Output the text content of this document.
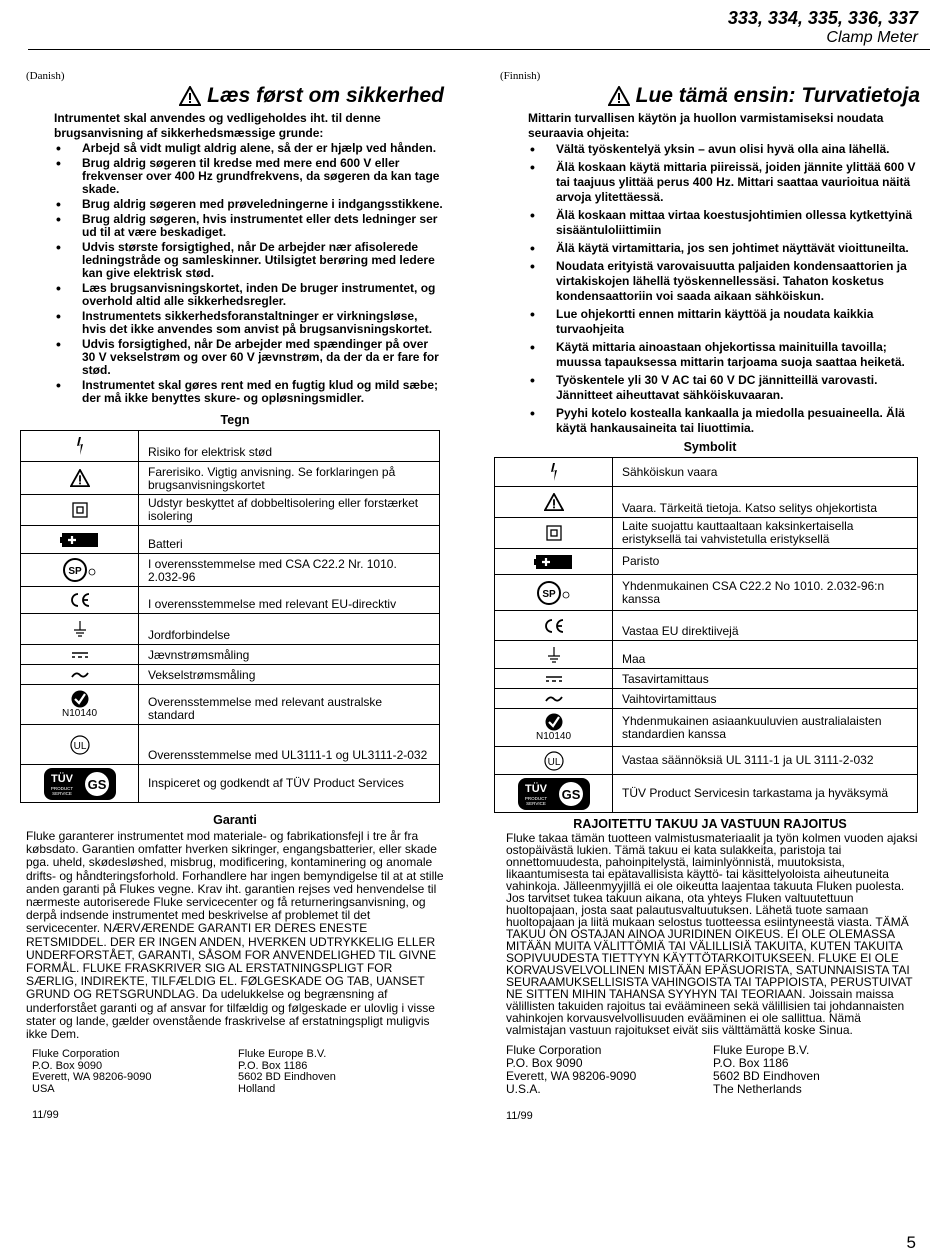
333, 334, 335, 336, 337
Clamp Meter
(Danish)
Læs først om sikkerhed
Intrumentet skal anvendes og vedligeholdes iht. til denne brugsanvisning af sikkerhedsmæssige grunde:
• Arbejd så vidt muligt aldrig alene, så der er hjælp ved hånden.
• Brug aldrig søgeren til kredse med mere end 600 V eller frekvenser over 400 Hz grundfrekvens, da søgeren da kan tage skade.
• Brug aldrig søgeren med prøveledningerne i indgangsstikkene.
• Brug aldrig søgeren, hvis instrumentet eller dets ledninger ser ud til at være beskadiget.
• Udvis største forsigtighed, når De arbejder nær afisolerede ledningstråde og samleskinner. Utilsigtet berøring med ledere kan give elektrisk stød.
• Læs brugsanvisningskortet, inden De bruger instrumentet, og overhold altid alle sikkerhedsregler.
• Instrumentets sikkerhedsforanstaltninger er virkningsløse, hvis det ikke anvendes som anvist på brugsanvisningskortet.
• Udvis forsigtighed, når De arbejder med spændinger på over 30 V vekselstrøm og over 60 V jævnstrøm, da der da er fare for stød.
• Instrumentet skal gøres rent med en fugtig klud og mild sæbe; der må ikke benyttes skure- og opløsningsmidler.
Tegn
	Risiko for elektrisk stød

	Farerisiko. Vigtig anvisning. Se forklaringen på brugsanvisningskortet

	Udstyr beskyttet af dobbeltisolering eller forstærket isolering

	Batteri

SP	I overensstemmelse med CSA C22.2 Nr. 1010. 2.032-96

	I overensstemmelse med relevant EU-direcktiv

	Jordforbindelse

	Jævnstrømsmåling

	Vekselstrømsmåling

N10140	Overensstemmelse med relevant australske standard

UL	Overensstemmelse med UL3111-1 og UL3111-2-032

TÜV
PRODUCT
SERVICE
GS	Inspiceret og godkendt af TÜV Product Services
Garanti
Fluke garanterer instrumentet mod materiale- og fabrikationsfejl i tre år fra købsdato. Garantien omfatter hverken sikringer, engangsbatterier, eller skade pga. uheld, skødesløshed, misbrug, modificering, kontaminering og anomale drifts- og håndteringsforhold. Forhandlere har ingen bemyndigelse til at at stille anden garanti på Flukes vegne. Krav iht. garantien rejses ved henvendelse til nærmeste autoriserede Fluke servicecenter og få returneringsanvisning, og derpå indsende instrumentet med beskrivelse af problemet til det servicecenter. NÆRVÆRENDE GARANTI ER DERES ENESTE RETSMIDDEL. DER ER INGEN ANDEN, HVERKEN UDTRYKKELIG ELLER UNDERFORSTÅET, GARANTI, SÅSOM FOR ANVENDELIGHED TIL GIVNE FORMÅL. FLUKE FRASKRIVER SIG AL ERSTATNINGSPLIGT FOR SÆRLIG, INDIREKTE, TILFÆLDIG EL. FØLGESKADE OG TAB, UANSET GRUND OG RETSGRUNDLAG. Da udelukkelse og begrænsning af underforstået garanti og af ansvar for tilfældig og følgeskade er ulovlig i visse stater og lande, gælder ovenstående fraskrivelse af erstatningspligt muligvis ikke Dem.
Fluke Corporation
P.O. Box 9090
Everett, WA 98206-9090
USA
Fluke Europe B.V.
P.O. Box 1186
5602 BD Eindhoven
Holland
11/99
(Finnish)
Lue tämä ensin: Turvatietoja
Mittarin turvallisen käytön ja huollon varmistamiseksi noudata seuraavia ohjeita:
• Vältä työskentelyä yksin – avun olisi hyvä olla aina lähellä.
• Älä koskaan käytä mittaria piireissä, joiden jännite ylittää 600 V tai taajuus ylittää perus 400 Hz. Mittari saattaa vaurioitua näitä arvoja ylitettäessä.
• Älä koskaan mittaa virtaa koestusjohtimien ollessa kytkettyinä sisääntuloliittimiin
• Älä käytä virtamittaria, jos sen johtimet näyttävät vioittuneilta.
• Noudata erityistä varovaisuutta paljaiden kondensaattorien ja virtakiskojen lähellä työskennellessäsi. Tahaton kosketus kondensaattoriin voi saada aikaan sähköiskun.
• Lue ohjekortti ennen mittarin käyttöä ja noudata kaikkia turvaohjeita
• Käytä mittaria ainoastaan ohjekortissa mainituilla tavoilla; muussa tapauksessa mittarin tarjoama suoja saattaa heiketä.
• Työskentele yli 30 V AC tai 60 V DC jännitteillä varovasti. Jännitteet aiheuttavat sähköiskuvaaran.
• Pyyhi kotelo kostealla kankaalla ja miedolla pesuaineella. Älä käytä hankausaineita tai liuottimia.
Symbolit
	Sähköiskun vaara

	Vaara. Tärkeitä tietoja. Katso selitys ohjekortista

	Laite suojattu kauttaaltaan kaksinkertaisella eristyksellä tai vahvistetulla eristyksellä

	Paristo

SP	Yhdenmukainen CSA C22.2 No 1010. 2.032-96:n kanssa

	Vastaa EU direktiivejä

	Maa

	Tasavirtamittaus

	Vaihtovirtamittaus

N10140	Yhdenmukainen asiaankuuluvien australialaisten standardien kanssa

UL	Vastaa säännöksiä UL 3111-1 ja UL 3111-2-032

TÜV
PRODUCT
SERVICE
GS	TÜV Product Servicesin tarkastama ja hyväksymä
RAJOITETTU TAKUU JA VASTUUN RAJOITUS
Fluke takaa tämän tuotteen valmistusmateriaalit ja työn kolmen vuoden ajaksi ostopäivästä lukien. Tämä takuu ei kata sulakkeita, paristoja tai onnettomuudesta, pahoinpitelystä, laiminlyönnistä, muutoksista, likaantumisesta tai epätavallisista käyttö- tai käsittelyoloista aiheutuneita vahinkoja. Jälleenmyyjillä ei ole oikeutta laajentaa takuuta Fluken puolesta. Jos tarvitset tukea takuun aikana, ota yhteys Fluken valtuutettuun huoltopajaan, josta saat palautusvaltuutuksen. Lähetä tuote samaan huoltopajaan ja liitä mukaan selostus tuotteessa esiintyneestä viasta. TÄMÄ TAKUU ON OSTAJAN AINOA JURIDINEN OIKEUS. EI OLE OLEMASSA MITÄÄN MUITA VÄLITTÖMIÄ TAI VÄLILLISIÄ TAKUITA, KUTEN TAKUITA SOPIVUUDESTA TIETTYYN KÄYTTÖTARKOITUKSEEN. FLUKE EI OLE KORVAUSVELVOLLINEN MISTÄÄN EPÄSUORISTA, SATUNNAISISTA TAI SEURAAMUKSELLISISTA VAHINGOISTA TAI TAPPIOISTA, PERUSTUIVAT NE SITTEN MIHIN TAHANSA SYYHYN TAI TEORIAAN. Joissain maissa välillisten takuiden rajoitus tai eväämineen sekä välillisien tai johdannaisten vahinkojen korvausvelvollisuuden evääminen ei ole sallittua. Nämä valmistajan vastuun rajoitukset eivät siis välttämättä koske Sinua.
Fluke Corporation
P.O. Box 9090
Everett, WA 98206-9090
U.S.A.
Fluke Europe B.V.
P.O. Box 1186
5602 BD Eindhoven
The Netherlands
11/99
5
